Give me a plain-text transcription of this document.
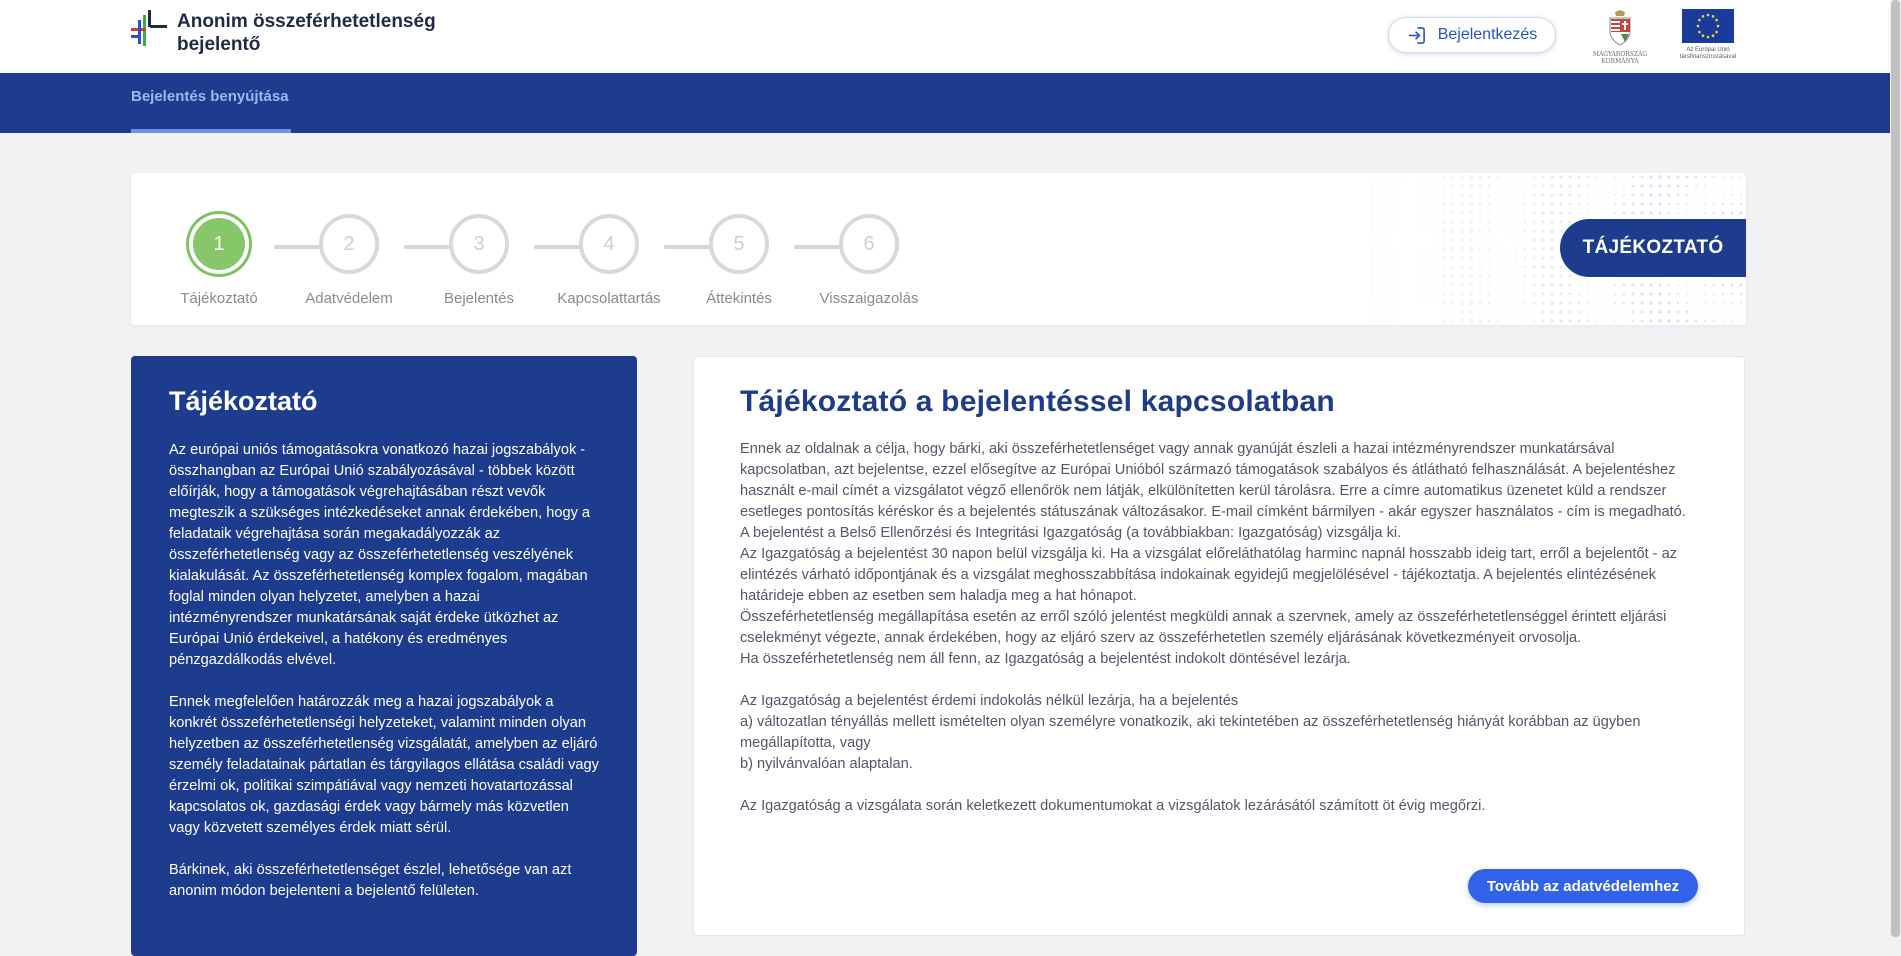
Anonim összeférhetetlenség bejelentő	Bejelentkezés
MAGYARORSZÁG
KORMÁNYA
Az Európai Unió
társfinanszírozásával
Bejelentés benyújtása
1
Tájékoztató
2
Adatvédelem
3
Bejelentés
4
Kapcsolattartás
5
Áttekintés
6
Visszaigazolás
TÁJÉKOZTATÓ
Tájékoztató

Az európai uniós támogatásokra vonatkozó hazai jogszabályok - összhangban az Európai Unió szabályozásával - többek között előírják, hogy a támogatások végrehajtásában részt vevők megteszik a szükséges intézkedéseket annak érdekében, hogy a feladataik végrehajtása során megakadályozzák az összeférhetetlenség vagy az összeférhetetlenség veszélyének kialakulását. Az összeférhetetlenség komplex fogalom, magában foglal minden olyan helyzetet, amelyben a hazai intézményrendszer munkatársának saját érdeke ütközhet az Európai Unió érdekeivel, a hatékony és eredményes pénzgazdálkodás elvével.

Ennek megfelelően határozzák meg a hazai jogszabályok a konkrét összeférhetetlenségi helyzeteket, valamint minden olyan helyzetben az összeférhetetlenség vizsgálatát, amelyben az eljáró személy feladatainak pártatlan és tárgyilagos ellátása családi vagy érzelmi ok, politikai szimpátiával vagy nemzeti hovatartozással kapcsolatos ok, gazdasági érdek vagy bármely más közvetlen vagy közvetett személyes érdek miatt sérül.

Bárkinek, aki összeférhetetlenséget észlel, lehetősége van azt anonim módon bejelenteni a bejelentő felületen.

Tájékoztató a bejelentéssel kapcsolatban

Ennek az oldalnak a célja, hogy bárki, aki összeférhetetlenséget vagy annak gyanúját észleli a hazai intézményrendszer munkatársával kapcsolatban, azt bejelentse, ezzel elősegítve az Európai Unióból származó támogatások szabályos és átlátható felhasználását. A bejelentéshez használt e-mail címét a vizsgálatot végző ellenőrök nem látják, elkülönítetten kerül tárolásra. Erre a címre automatikus üzenetet küld a rendszer esetleges pontosítás kéréskor és a bejelentés státuszának változásakor. E-mail címként bármilyen - akár egyszer használatos - cím is megadható.

A bejelentést a Belső Ellenőrzési és Integritási Igazgatóság (a továbbiakban: Igazgatóság) vizsgálja ki.

Az Igazgatóság a bejelentést 30 napon belül vizsgálja ki. Ha a vizsgálat előreláthatólag harminc napnál hosszabb ideig tart, erről a bejelentőt - az elintézés várható időpontjának és a vizsgálat meghosszabbítása indokainak egyidejű megjelölésével - tájékoztatja. A bejelentés elintézésének határideje ebben az esetben sem haladja meg a hat hónapot.

Összeférhetetlenség megállapítása esetén az erről szóló jelentést megküldi annak a szervnek, amely az összeférhetetlenséggel érintett eljárási cselekményt végezte, annak érdekében, hogy az eljáró szerv az összeférhetetlen személy eljárásának következményeit orvosolja.

Ha összeférhetetlenség nem áll fenn, az Igazgatóság a bejelentést indokolt döntésével lezárja.

Az Igazgatóság a bejelentést érdemi indokolás nélkül lezárja, ha a bejelentés

a) változatlan tényállás mellett ismételten olyan személyre vonatkozik, aki tekintetében az összeférhetetlenség hiányát korábban az ügyben megállapította, vagy

b) nyilvánvalóan alaptalan.

Az Igazgatóság a vizsgálata során keletkezett dokumentumokat a vizsgálatok lezárásától számított öt évig megőrzi.

Tovább az adatvédelemhez
